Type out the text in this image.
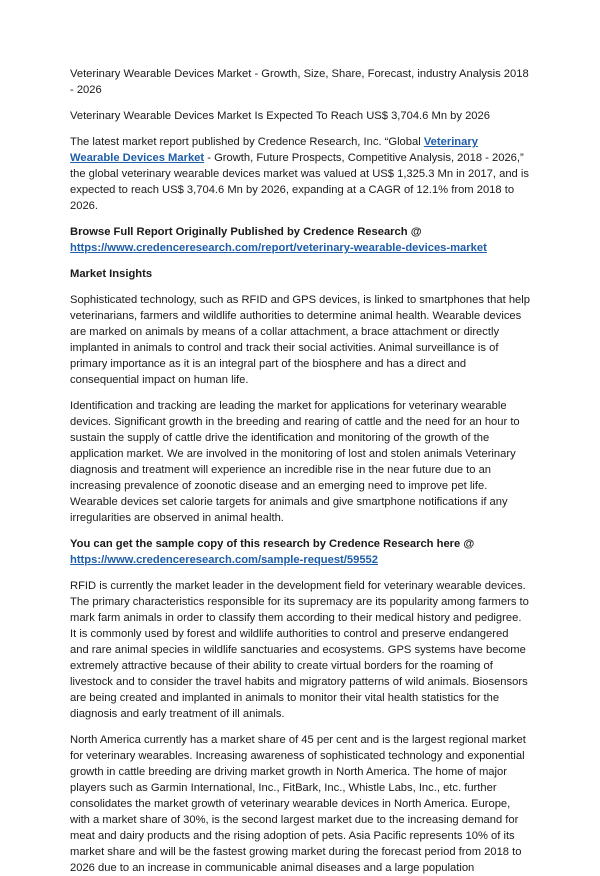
Veterinary Wearable Devices Market - Growth, Size, Share, Forecast, industry Analysis 2018 - 2026

Veterinary Wearable Devices Market Is Expected To Reach US$ 3,704.6 Mn by 2026

The latest market report published by Credence Research, Inc. “Global Veterinary Wearable Devices Market - Growth, Future Prospects, Competitive Analysis, 2018 - 2026,” the global veterinary wearable devices market was valued at US$ 1,325.3 Mn in 2017, and is expected to reach US$ 3,704.6 Mn by 2026, expanding at a CAGR of 12.1% from 2018 to 2026.

Browse Full Report Originally Published by Credence Research @
https://www.credenceresearch.com/report/veterinary-wearable-devices-market

Market Insights

Sophisticated technology, such as RFID and GPS devices, is linked to smartphones that help veterinarians, farmers and wildlife authorities to determine animal health. Wearable devices are marked on animals by means of a collar attachment, a brace attachment or directly implanted in animals to control and track their social activities. Animal surveillance is of primary importance as it is an integral part of the biosphere and has a direct and consequential impact on human life.

Identification and tracking are leading the market for applications for veterinary wearable devices. Significant growth in the breeding and rearing of cattle and the need for an hour to sustain the supply of cattle drive the identification and monitoring of the growth of the application market. We are involved in the monitoring of lost and stolen animals Veterinary diagnosis and treatment will experience an incredible rise in the near future due to an increasing prevalence of zoonotic disease and an emerging need to improve pet life. Wearable devices set calorie targets for animals and give smartphone notifications if any irregularities are observed in animal health.

You can get the sample copy of this research by Credence Research here @
https://www.credenceresearch.com/sample-request/59552

RFID is currently the market leader in the development field for veterinary wearable devices. The primary characteristics responsible for its supremacy are its popularity among farmers to mark farm animals in order to classify them according to their medical history and pedigree. It is commonly used by forest and wildlife authorities to control and preserve endangered and rare animal species in wildlife sanctuaries and ecosystems. GPS systems have become extremely attractive because of their ability to create virtual borders for the roaming of livestock and to consider the travel habits and migratory patterns of wild animals. Biosensors are being created and implanted in animals to monitor their vital health statistics for the diagnosis and early treatment of ill animals.

North America currently has a market share of 45 per cent and is the largest regional market for veterinary wearables. Increasing awareness of sophisticated technology and exponential growth in cattle breeding are driving market growth in North America. The home of major players such as Garmin International, Inc., FitBark, Inc., Whistle Labs, Inc., etc. further consolidates the market growth of veterinary wearable devices in North America. Europe, with a market share of 30%, is the second largest market due to the increasing demand for meat and dairy products and the rising adoption of pets. Asia Pacific represents 10% of its market share and will be the fastest growing market during the forecast period from 2018 to 2026 due to an increase in communicable animal diseases and a large population
